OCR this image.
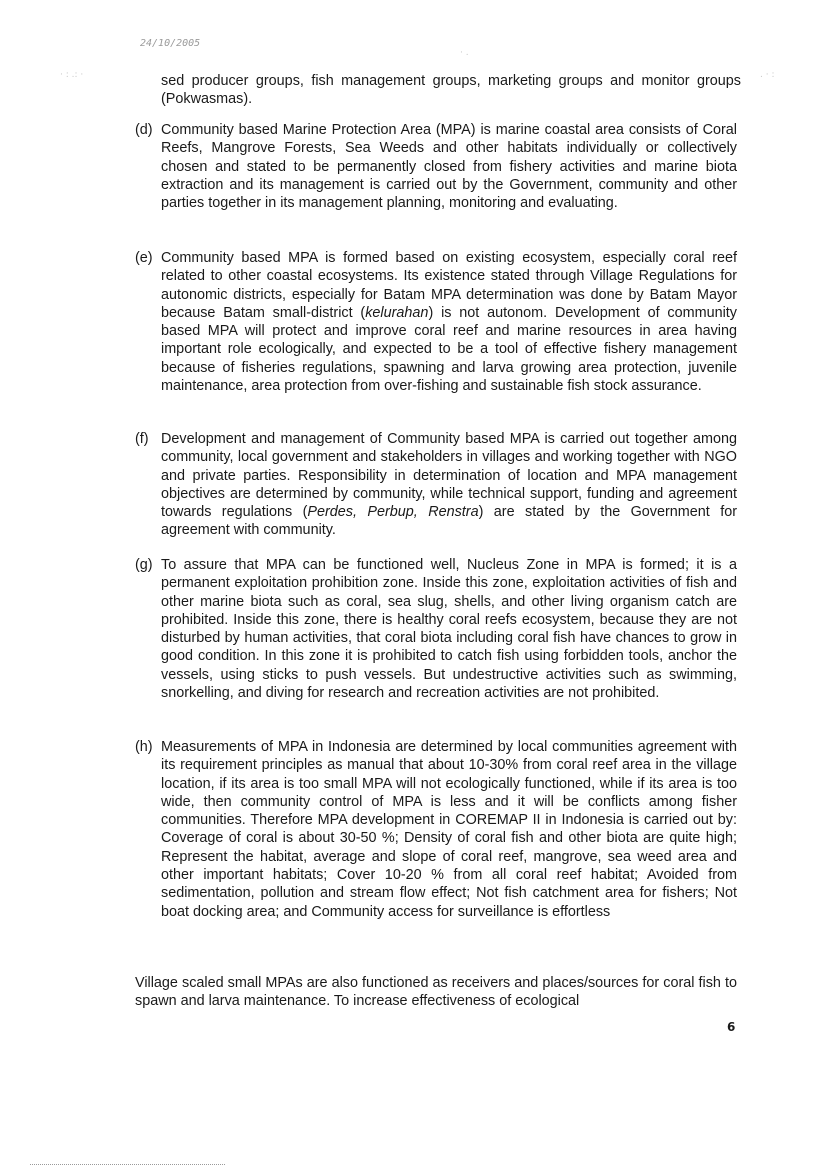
24/10/2005
· : .: ·	. · :
· .
sed producer groups, fish management groups, marketing groups and monitor groups (Pokwasmas).
(d) Community based Marine Protection Area (MPA) is marine coastal area consists of Coral Reefs, Mangrove Forests, Sea Weeds and other habitats individually or collectively chosen and stated to be permanently closed from fishery activities and marine biota extraction and its management is carried out by the Government, community and other parties together in its management planning, monitoring and evaluating.
(e) Community based MPA is formed based on existing ecosystem, especially coral reef related to other coastal ecosystems. Its existence stated through Village Regulations for autonomic districts, especially for Batam MPA determination was done by Batam Mayor because Batam small-district (kelurahan) is not autonom. Development of community based MPA will protect and improve coral reef and marine resources in area having important role ecologically, and expected to be a tool of effective fishery management because of fisheries regulations, spawning and larva growing area protection, juvenile maintenance, area protection from over-fishing and sustainable fish stock assurance.
(f) Development and management of Community based MPA is carried out together among community, local government and stakeholders in villages and working together with NGO and private parties. Responsibility in determination of location and MPA management objectives are determined by community, while technical support, funding and agreement towards regulations (Perdes, Perbup, Renstra) are stated by the Government for agreement with community.
(g) To assure that MPA can be functioned well, Nucleus Zone in MPA is formed; it is a permanent exploitation prohibition zone. Inside this zone, exploitation activities of fish and other marine biota such as coral, sea slug, shells, and other living organism catch are prohibited. Inside this zone, there is healthy coral reefs ecosystem, because they are not disturbed by human activities, that coral biota including coral fish have chances to grow in good condition. In this zone it is prohibited to catch fish using forbidden tools, anchor the vessels, using sticks to push vessels. But undestructive activities such as swimming, snorkelling, and diving for research and recreation activities are not prohibited.
(h) Measurements of MPA in Indonesia are determined by local communities agreement with its requirement principles as manual that about 10-30% from coral reef area in the village location, if its area is too small MPA will not ecologically functioned, while if its area is too wide, then community control of MPA is less and it will be conflicts among fisher communities. Therefore MPA development in COREMAP II in Indonesia is carried out by: Coverage of coral is about 30-50 %; Density of coral fish and other biota are quite high; Represent the habitat, average and slope of coral reef, mangrove, sea weed area and other important habitats; Cover 10-20 % from all coral reef habitat; Avoided from sedimentation, pollution and stream flow effect; Not fish catchment area for fishers; Not boat docking area; and Community access for surveillance is effortless
Village scaled small MPAs are also functioned as receivers and places/sources for coral fish to spawn and larva maintenance. To increase effectiveness of ecological
6
